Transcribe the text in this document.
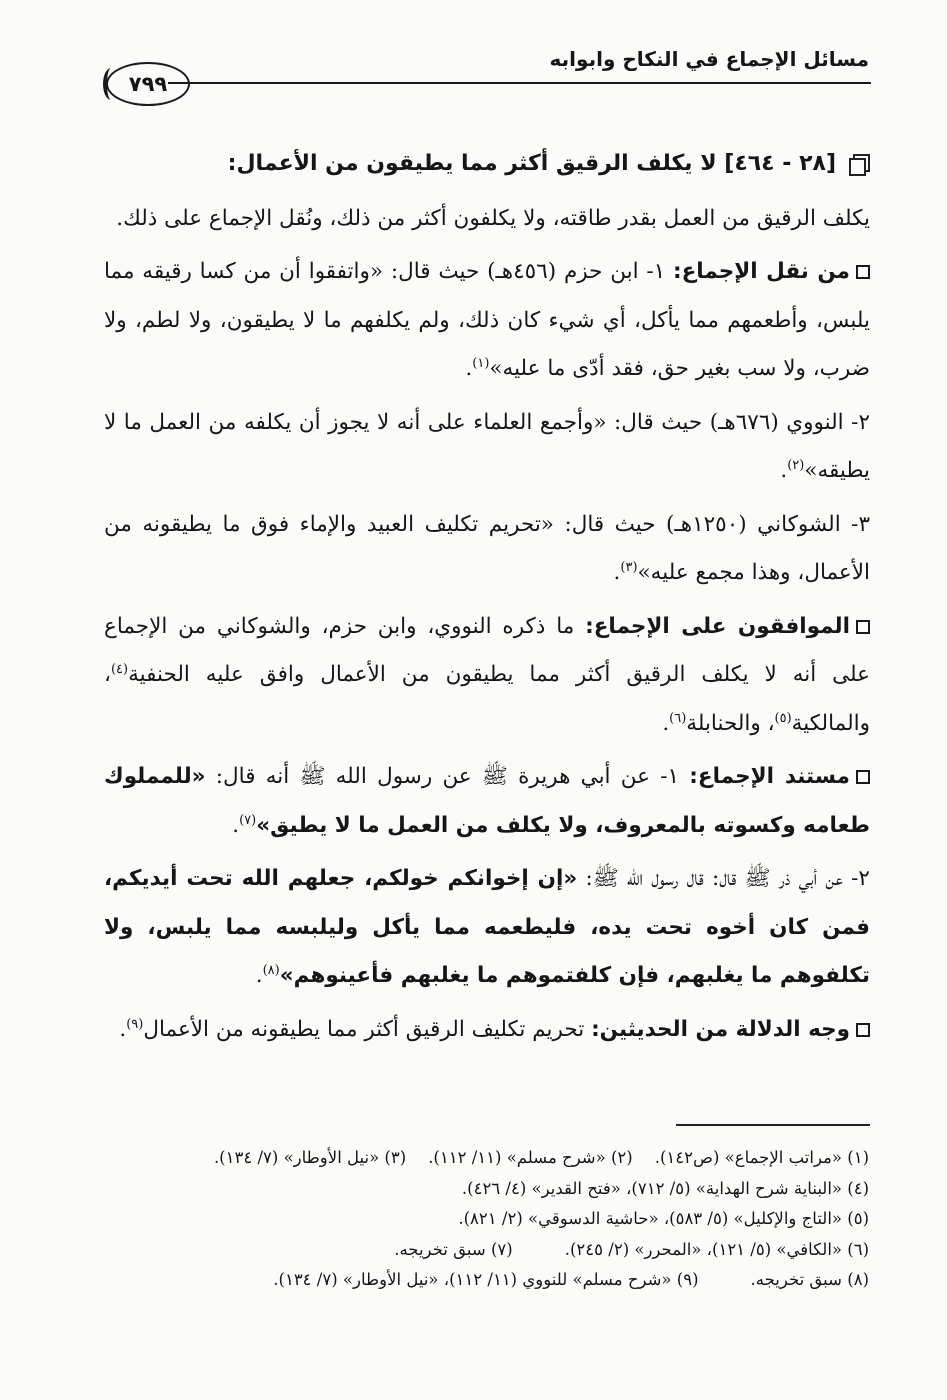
مسائل الإجماع في النكاح وابوابه
٧٩٩
[٢٨ - ٤٦٤]

لا يكلف الرقيق أكثر مما يطيقون من الأعمال:

يكلف الرقيق من العمل بقدر طاقته، ولا يكلفون أكثر من ذلك، ونُقل الإجماع على ذلك.

من نقل الإجماع: ١- ابن حزم (٤٥٦هـ) حيث قال: «واتفقوا أن من كسا رقيقه مما يلبس، وأطعمهم مما يأكل، أي شيء كان ذلك، ولم يكلفهم ما لا يطيقون، ولا لطم، ولا ضرب، ولا سب بغير حق، فقد أدّى ما عليه»$^{(١)}$.

٢- النووي (٦٧٦هـ) حيث قال: «وأجمع العلماء على أنه لا يجوز أن يكلفه من العمل ما لا يطيقه»$^{(٢)}$.

٣- الشوكاني (١٢٥٠هـ) حيث قال: «تحريم تكليف العبيد والإماء فوق ما يطيقونه من الأعمال، وهذا مجمع عليه»$^{(٣)}$.

الموافقون على الإجماع: ما ذكره النووي، وابن حزم، والشوكاني من الإجماع على أنه لا يكلف الرقيق أكثر مما يطيقون من الأعمال وافق عليه الحنفية$^{(٤)}$، والمالكية$^{(٥)}$، والحنابلة$^{(٦)}$.

مستند الإجماع: ١- عن أبي هريرة ﷺ عن رسول الله ﷺ أنه قال: «للمملوك طعامه وكسوته بالمعروف، ولا يكلف من العمل ما لا يطيق»$^{(٧)}$.

٢- عن أبي ذر ﷺ قال: قال رسول الله ﷺ: «إن إخوانكم خولكم، جعلهم الله تحت أيديكم، فمن كان أخوه تحت يده، فليطعمه مما يأكل وليلبسه مما يلبس، ولا تكلفوهم ما يغلبهم، فإن كلفتموهم ما يغلبهم فأعينوهم»$^{(٨)}$.

وجه الدلالة من الحديثين: تحريم تكليف الرقيق أكثر مما يطيقونه من الأعمال$^{(٩)}$.

(١) «مراتب الإجماع» (ص١٤٢).
(٢) «شرح مسلم» (١١/ ١١٢).
(٣) «نيل الأوطار» (٧/ ١٣٤).
(٤) «البناية شرح الهداية» (٥/ ٧١٢)، «فتح القدير» (٤/ ٤٢٦).
(٥) «التاج والإكليل» (٥/ ٥٨٣)، «حاشية الدسوقي» (٢/ ٨٢١).
(٦) «الكافي» (٥/ ١٢١)، «المحرر» (٢/ ٢٤٥).
(٧) سبق تخريجه.
(٨) سبق تخريجه.
(٩) «شرح مسلم» للنووي (١١/ ١١٢)، «نيل الأوطار» (٧/ ١٣٤).
